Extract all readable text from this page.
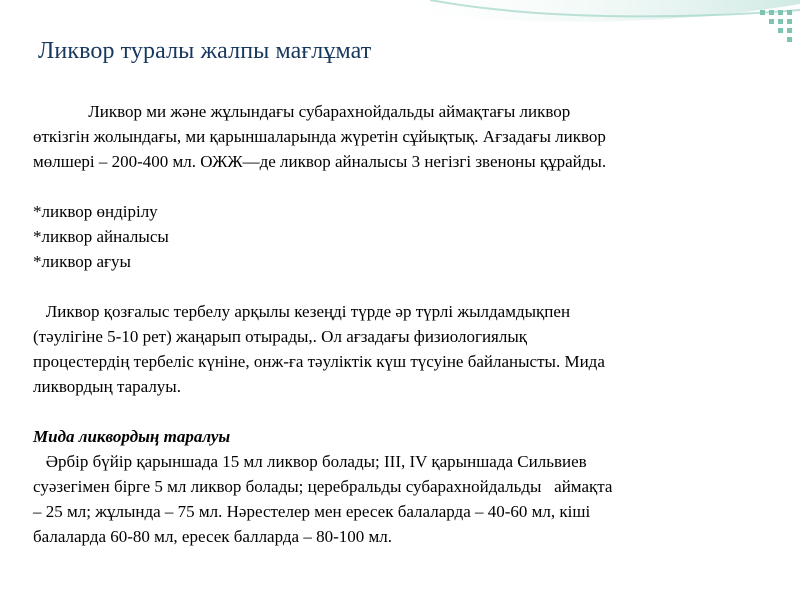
Ликвор туралы жалпы мағлұмат
Ликвор ми және жұлындағы субарахнойдальды аймақтағы ликвор
өткізгін жолындағы, ми қарыншаларында жүретін сұйықтық. Ағзадағы ликвор
мөлшері – 200-400 мл. ОЖЖ—де ликвор айналысы 3 негізгі звеноны құрайды.
*ликвор өндірілу
*ликвор айналысы
*ликвор ағуы
Ликвор қозғалыс тербелу арқылы кезеңді түрде әр түрлі жылдамдықпен
(тәулігіне 5-10 рет) жаңарып отырады,. Ол ағзадағы физиологиялық
процестердің тербеліс күніне, онж-ға тәуліктік күш түсуіне байланысты. Мида
ликвордың таралуы.
Мида ликвордың таралуы
Әрбір бүйір қарыншада 15 мл ликвор болады; III, IV қарыншада Сильвиев
суәзегімен бірге 5 мл ликвор болады; церебральды субарахнойдальды   аймақта
– 25 мл; жұлында – 75 мл. Нәрестелер мен ересек балаларда – 40-60 мл, кіші
балаларда 60-80 мл, ересек балларда – 80-100 мл.
